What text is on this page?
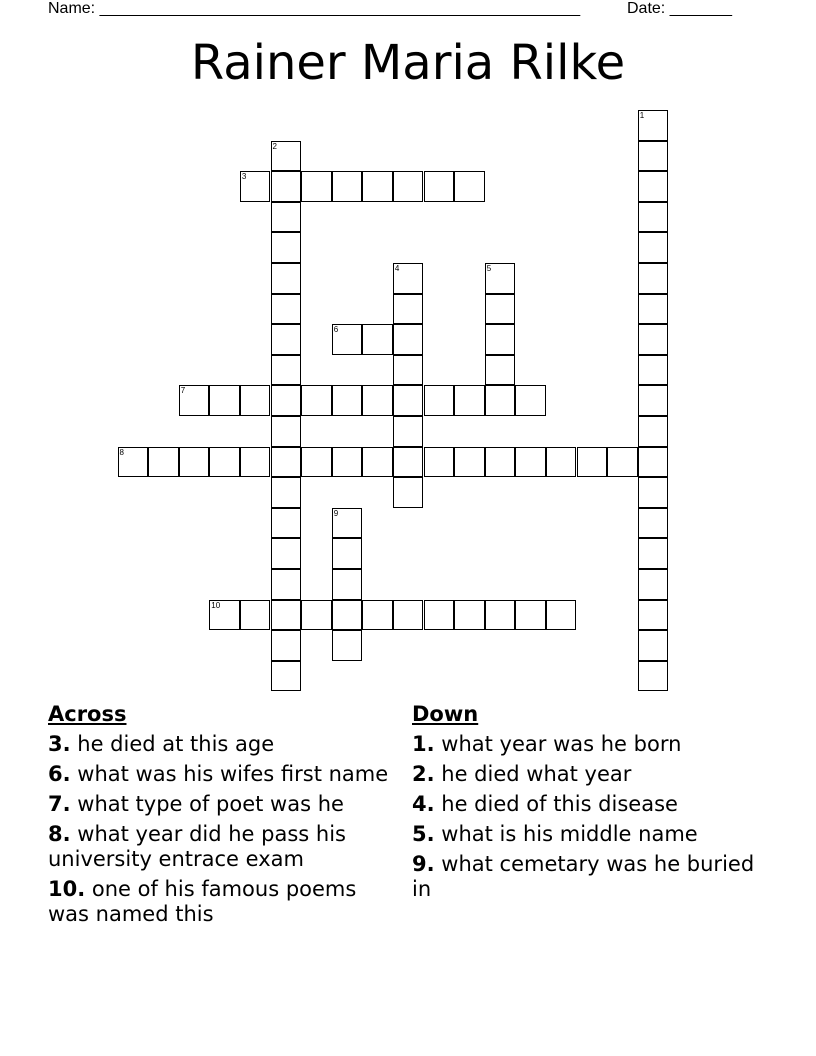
Name: ______________________________________________________	Date: _______
Rainer Maria Rilke
1
2
3
4	5
6
7
8
9
10
Across
3. he died at this age
6. what was his wifes first name
7. what type of poet was he
8. what year did he pass his university entrace exam
10. one of his famous poems was named this
Down
1. what year was he born
2. he died what year
4. he died of this disease
5. what is his middle name
9. what cemetary was he buried in
